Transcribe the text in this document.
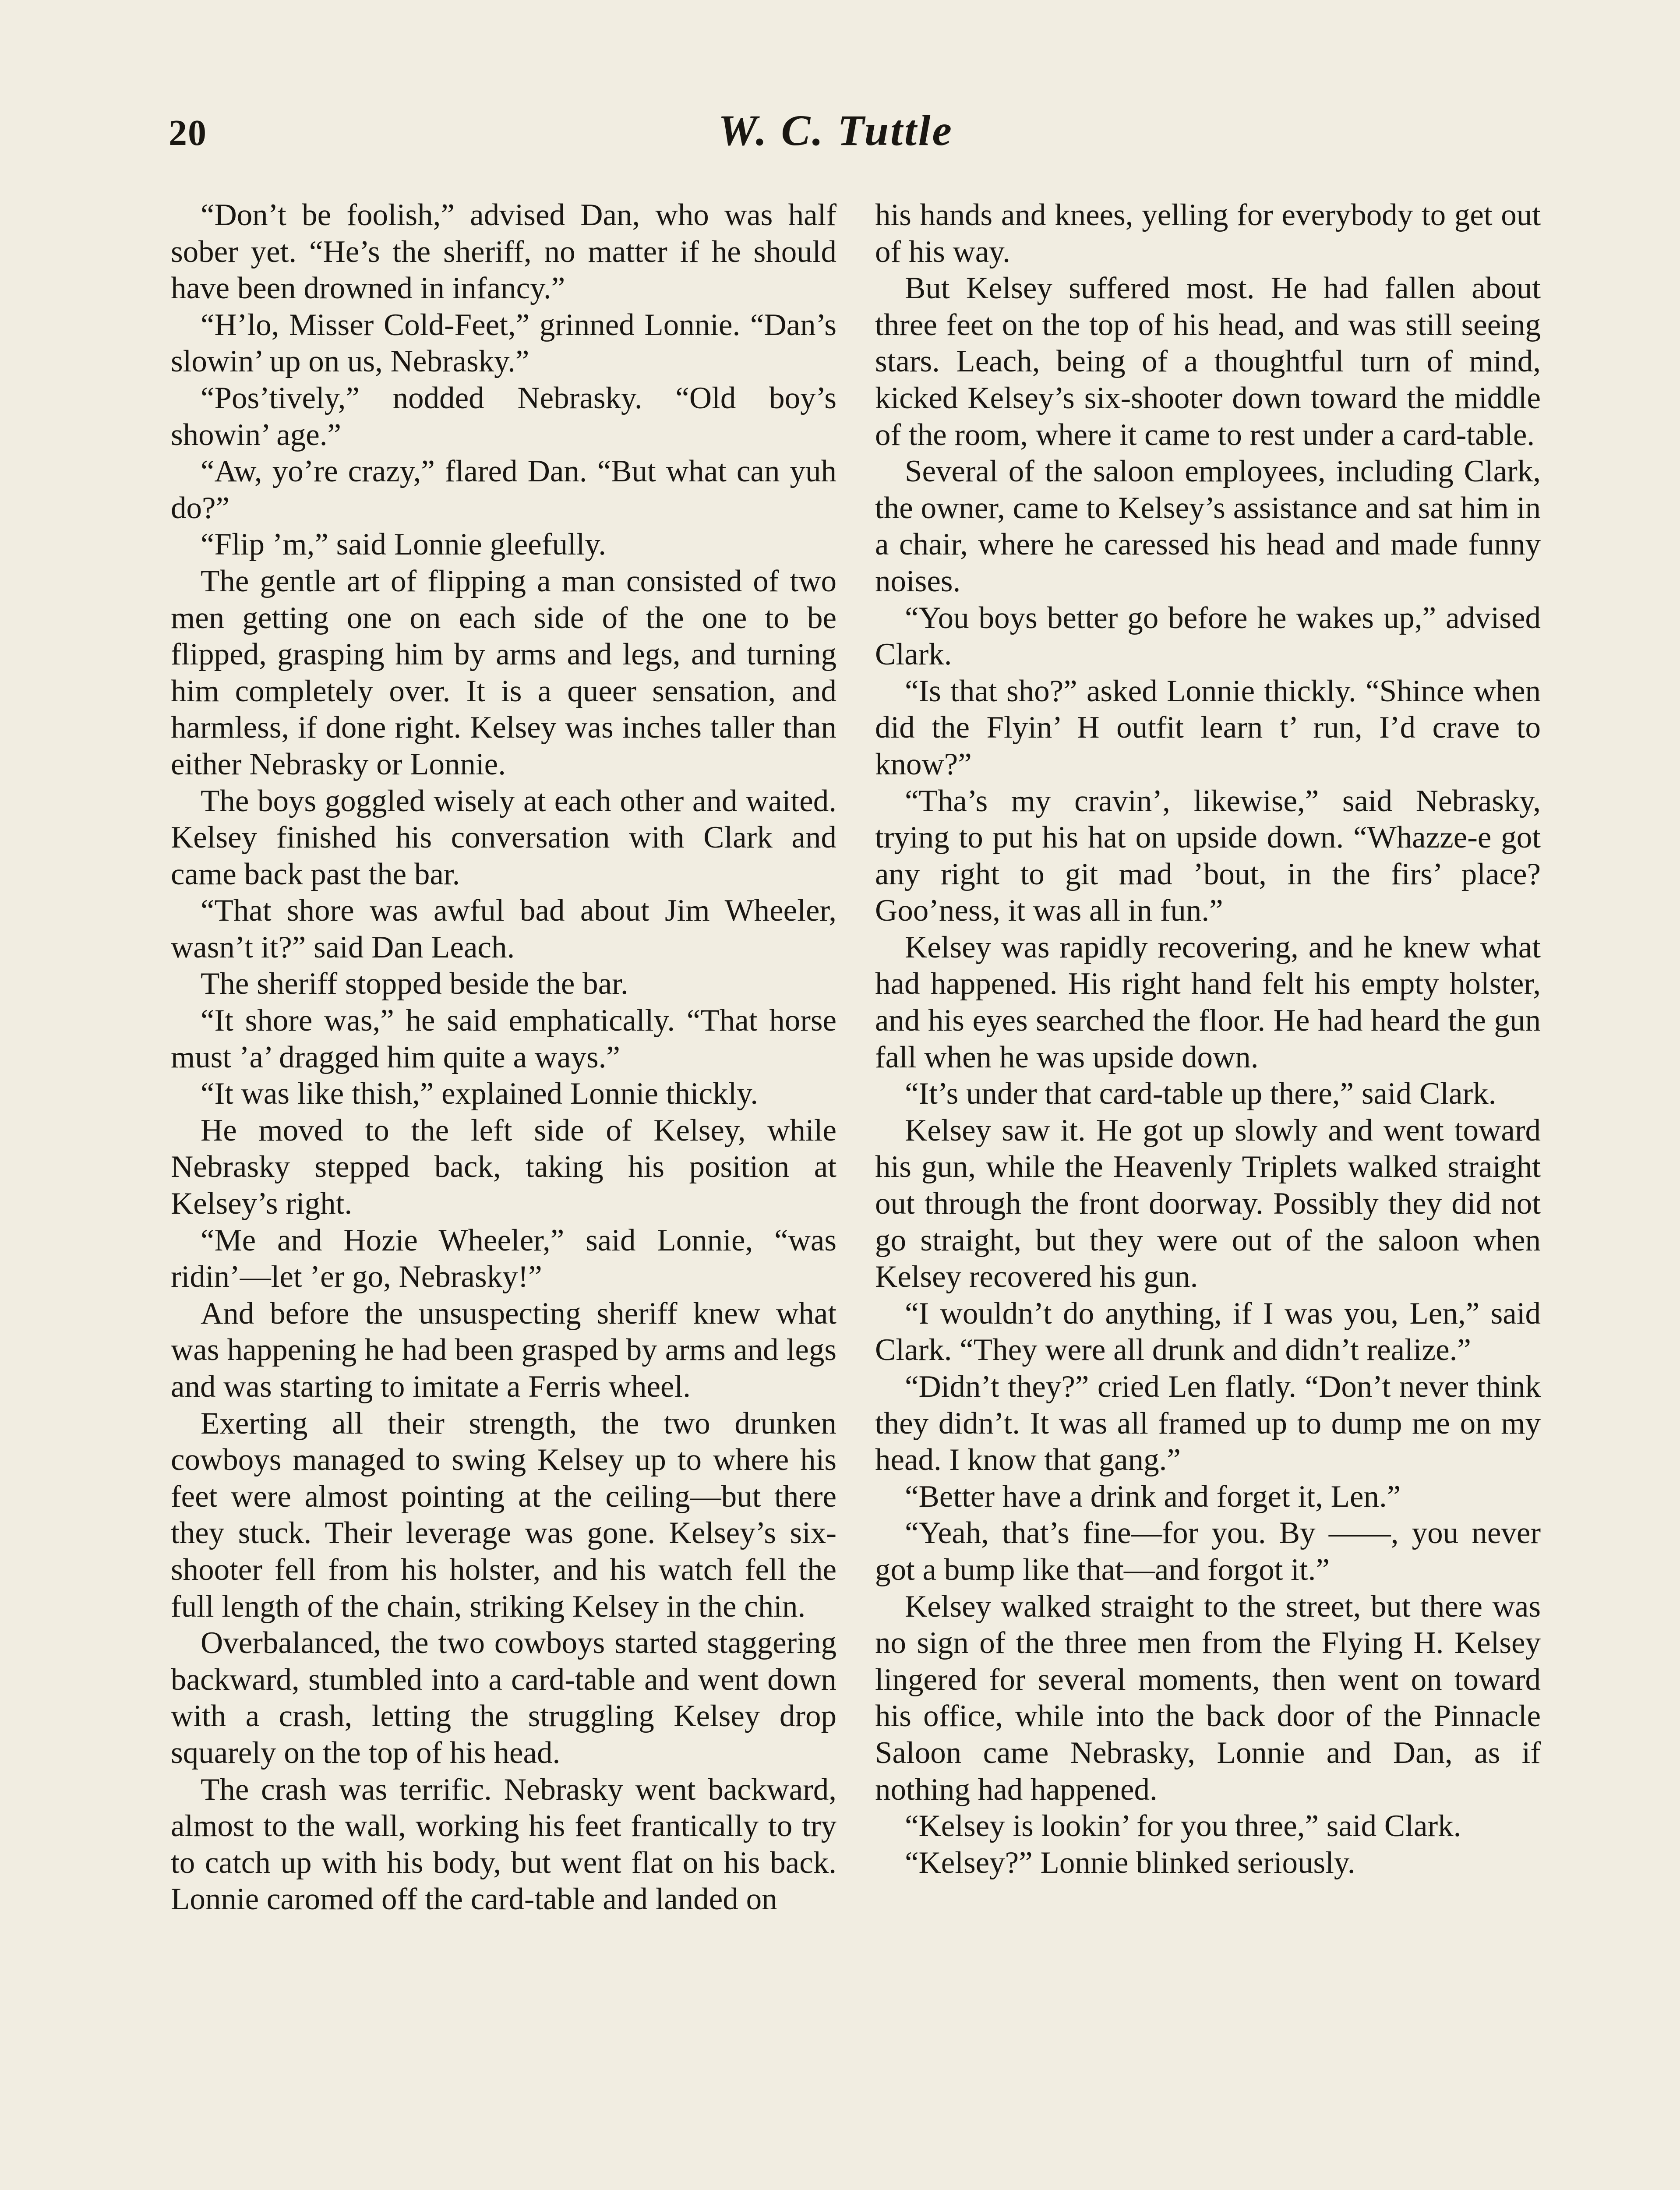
20	W. C. Tuttle

“Don’t be foolish,” advised Dan, who was half sober yet. “He’s the sheriff, no matter if he should have been drowned in infancy.”

“H’lo, Misser Cold-Feet,” grinned Lonnie. “Dan’s slowin’ up on us, Nebrasky.”

“Pos’tively,” nodded Nebrasky. “Old boy’s showin’ age.”

“Aw, yo’re crazy,” flared Dan. “But what can yuh do?”

“Flip ’m,” said Lonnie gleefully.

The gentle art of flipping a man consisted of two men getting one on each side of the one to be flipped, grasping him by arms and legs, and turning him completely over. It is a queer sensation, and harmless, if done right. Kelsey was inches taller than either Nebrasky or Lonnie.

The boys goggled wisely at each other and waited. Kelsey finished his conversation with Clark and came back past the bar.

“That shore was awful bad about Jim Wheeler, wasn’t it?” said Dan Leach.

The sheriff stopped beside the bar.

“It shore was,” he said emphatically. “That horse must ’a’ dragged him quite a ways.”

“It was like thish,” explained Lonnie thickly.

He moved to the left side of Kelsey, while Nebrasky stepped back, taking his position at Kelsey’s right.

“Me and Hozie Wheeler,” said Lonnie, “was ridin’—let ’er go, Nebrasky!”

And before the unsuspecting sheriff knew what was happening he had been grasped by arms and legs and was starting to imitate a Ferris wheel.

Exerting all their strength, the two drunken cowboys managed to swing Kelsey up to where his feet were almost pointing at the ceiling—but there they stuck. Their leverage was gone. Kelsey’s six-shooter fell from his holster, and his watch fell the full length of the chain, striking Kelsey in the chin.

Overbalanced, the two cowboys started staggering backward, stumbled into a card-table and went down with a crash, letting the struggling Kelsey drop squarely on the top of his head.

The crash was terrific. Nebrasky went backward, almost to the wall, working his feet frantically to try to catch up with his body, but went flat on his back. Lonnie caromed off the card-table and landed on

his hands and knees, yelling for everybody to get out of his way.

But Kelsey suffered most. He had fallen about three feet on the top of his head, and was still seeing stars. Leach, being of a thoughtful turn of mind, kicked Kelsey’s six-shooter down toward the middle of the room, where it came to rest under a card-table.

Several of the saloon employees, including Clark, the owner, came to Kelsey’s assistance and sat him in a chair, where he caressed his head and made funny noises.

“You boys better go before he wakes up,” advised Clark.

“Is that sho?” asked Lonnie thickly. “Shince when did the Flyin’ H outfit learn t’ run, I’d crave to know?”

“Tha’s my cravin’, likewise,” said Nebrasky, trying to put his hat on upside down. “Whazze-e got any right to git mad ’bout, in the firs’ place? Goo’ness, it was all in fun.”

Kelsey was rapidly recovering, and he knew what had happened. His right hand felt his empty holster, and his eyes searched the floor. He had heard the gun fall when he was upside down.

“It’s under that card-table up there,” said Clark.

Kelsey saw it. He got up slowly and went toward his gun, while the Heavenly Triplets walked straight out through the front doorway. Possibly they did not go straight, but they were out of the saloon when Kelsey recovered his gun.

“I wouldn’t do anything, if I was you, Len,” said Clark. “They were all drunk and didn’t realize.”

“Didn’t they?” cried Len flatly. “Don’t never think they didn’t. It was all framed up to dump me on my head. I know that gang.”

“Better have a drink and forget it, Len.”

“Yeah, that’s fine—for you. By ——, you never got a bump like that—and forgot it.”

Kelsey walked straight to the street, but there was no sign of the three men from the Flying H. Kelsey lingered for several moments, then went on toward his office, while into the back door of the Pinnacle Saloon came Nebrasky, Lonnie and Dan, as if nothing had happened.

“Kelsey is lookin’ for you three,” said Clark.

“Kelsey?” Lonnie blinked seriously.
